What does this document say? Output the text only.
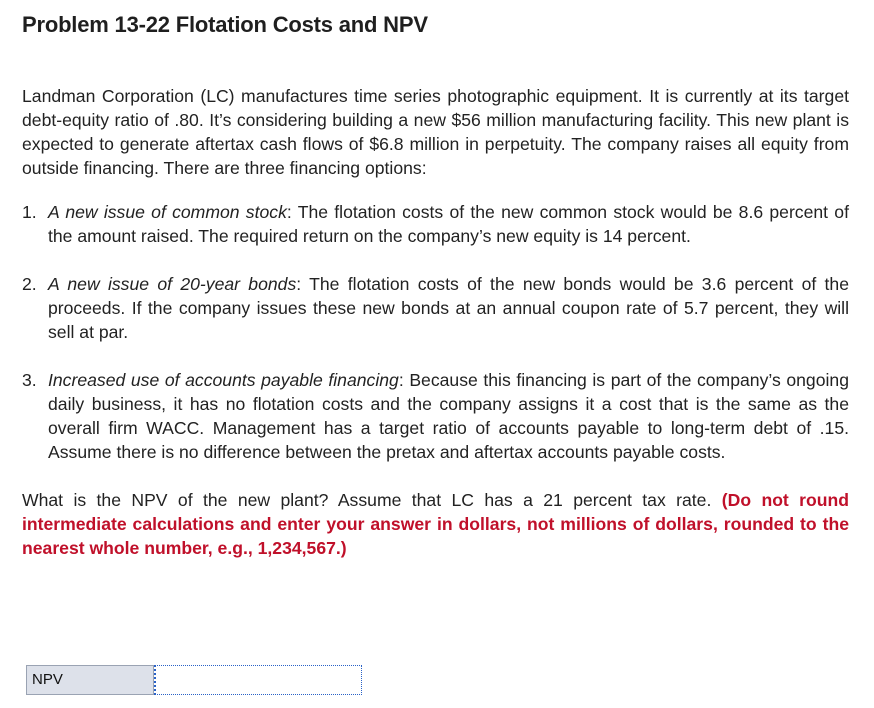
Problem 13-22 Flotation Costs and NPV

Landman Corporation (LC) manufactures time series photographic equipment. It is currently at its target debt-equity ratio of .80. It’s considering building a new $56 million manufacturing facility. This new plant is expected to generate aftertax cash flows of $6.8 million in perpetuity. The company raises all equity from outside financing. There are three financing options:

1. A new issue of common stock: The flotation costs of the new common stock would be 8.6 percent of the amount raised. The required return on the company’s new equity is 14 percent.
2. A new issue of 20-year bonds: The flotation costs of the new bonds would be 3.6 percent of the proceeds. If the company issues these new bonds at an annual coupon rate of 5.7 percent, they will sell at par.
3. Increased use of accounts payable financing: Because this financing is part of the company’s ongoing daily business, it has no flotation costs and the company assigns it a cost that is the same as the overall firm WACC. Management has a target ratio of accounts payable to long-term debt of .15. Assume there is no difference between the pretax and aftertax accounts payable costs.

What is the NPV of the new plant? Assume that LC has a 21 percent tax rate. (Do not round intermediate calculations and enter your answer in dollars, not millions of dollars, rounded to the nearest whole number, e.g., 1,234,567.)

NPV
